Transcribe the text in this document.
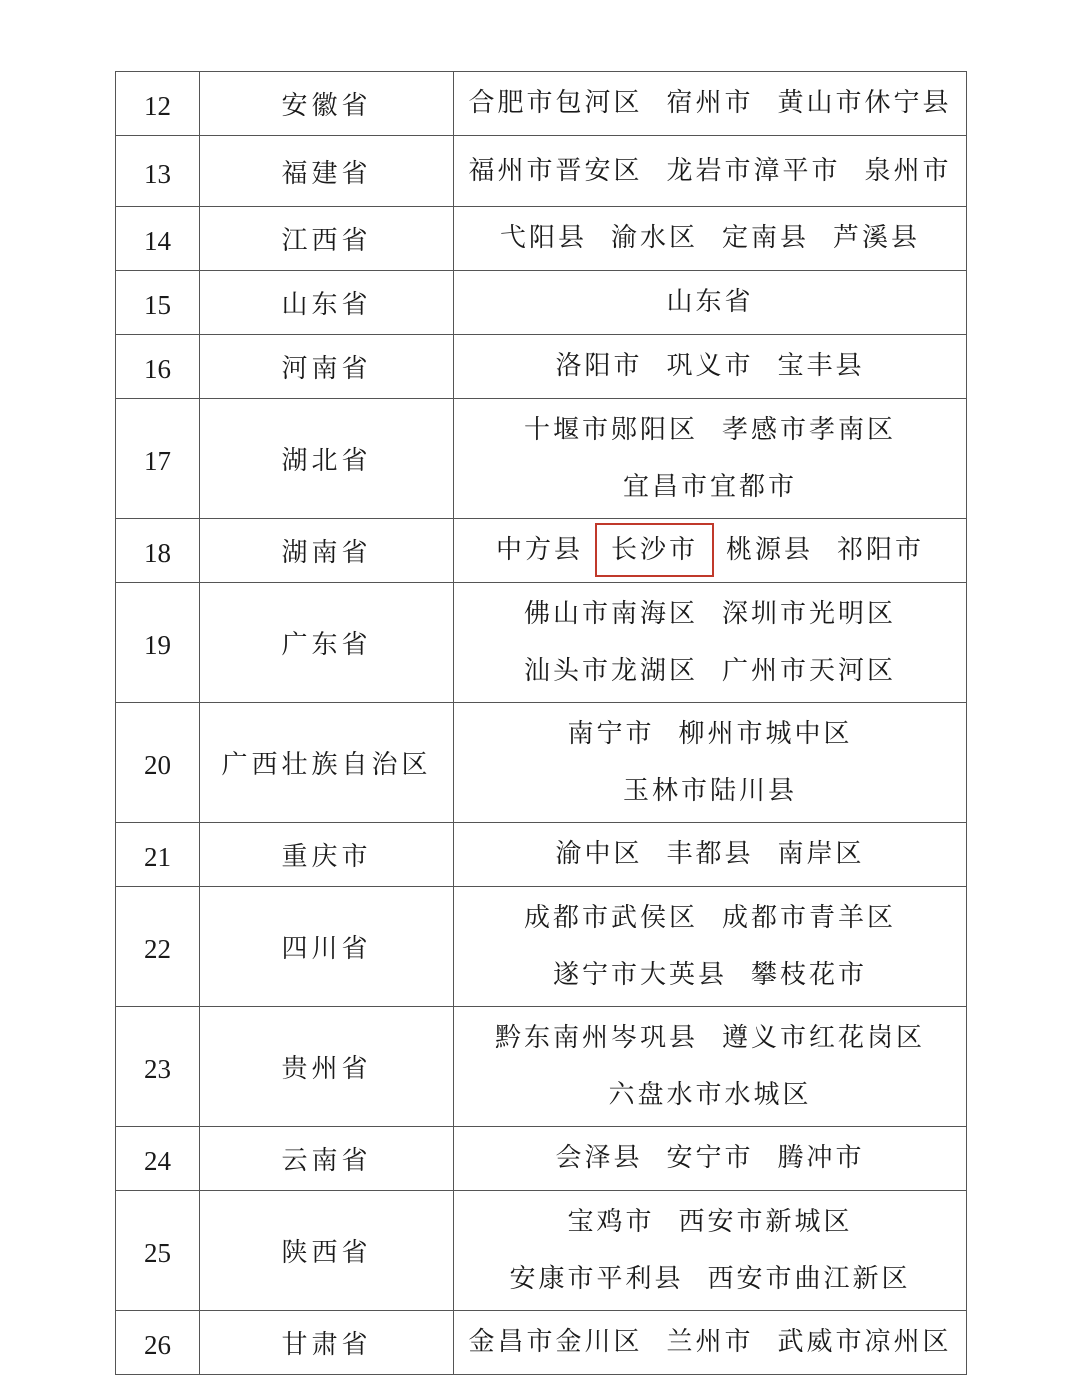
12	安徽省	合肥市包河区 宿州市 黄山市休宁县

13	福建省	福州市晋安区 龙岩市漳平市 泉州市

14	江西省	弋阳县 渝水区 定南县 芦溪县

15	山东省	山东省

16	河南省	洛阳市 巩义市 宝丰县

17	湖北省	十堰市郧阳区 孝感市孝南区
宜昌市宜都市

18	湖南省	中方县 长沙市 桃源县 祁阳市

19	广东省	佛山市南海区 深圳市光明区
汕头市龙湖区 广州市天河区

20	广西壮族自治区	南宁市 柳州市城中区
玉林市陆川县

21	重庆市	渝中区 丰都县 南岸区

22	四川省	成都市武侯区 成都市青羊区
遂宁市大英县 攀枝花市

23	贵州省	黔东南州岑巩县 遵义市红花岗区
六盘水市水城区

24	云南省	会泽县 安宁市 腾冲市

25	陕西省	宝鸡市 西安市新城区
安康市平利县 西安市曲江新区

26	甘肃省	金昌市金川区 兰州市 武威市凉州区
